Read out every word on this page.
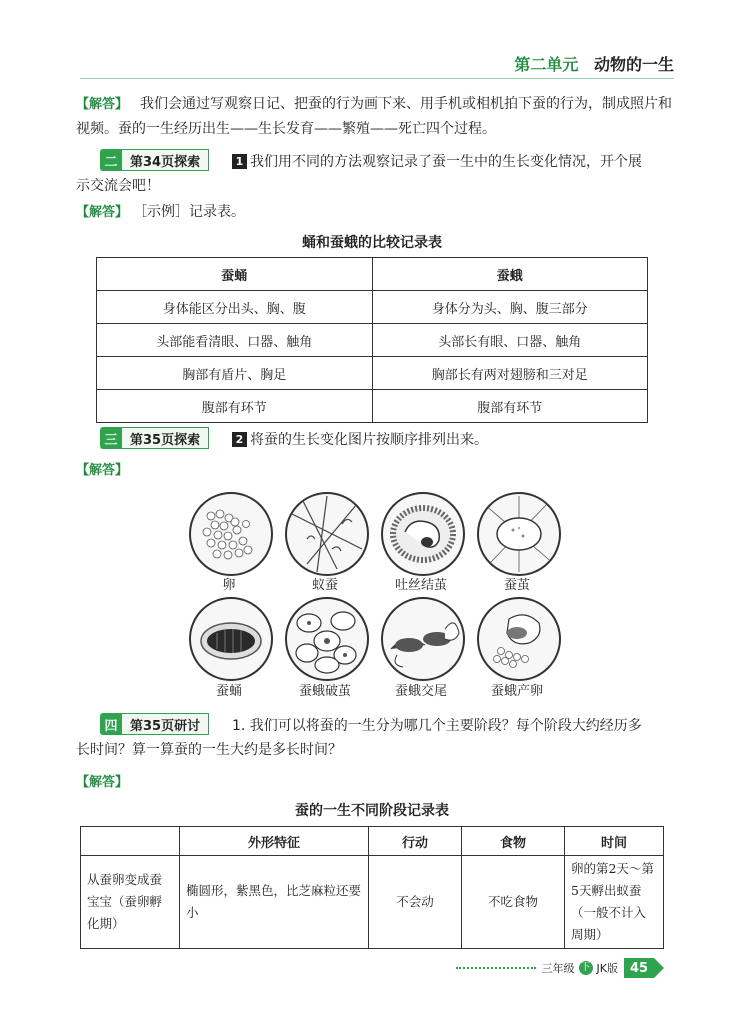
第二单元 动物的一生
【解答】 我们会通过写观察日记、把蚕的行为画下来、用手机或相机拍下蚕的行为，制成照片和视频。蚕的一生经历出生——生长发育——繁殖——死亡四个过程。
二 第34页探索	1 我们用不同的方法观察记录了蚕一生中的生长变化情况，开个展
示交流会吧！
【解答】 ［示例］记录表。
蛹和蚕蛾的比较记录表
蚕蛹	蚕蛾
身体能区分出头、胸、腹	身体分为头、胸、腹三部分
头部能看清眼、口器、触角	头部长有眼、口器、触角
胸部有盾片、胸足	胸部长有两对翅膀和三对足
腹部有环节	腹部有环节
三 第35页探索	2 将蚕的生长变化图片按顺序排列出来。
【解答】
卵	蚁蚕	吐丝结茧	蚕茧
蚕蛹	蚕蛾破茧	蚕蛾交尾	蚕蛾产卵
四 第35页研讨	1. 我们可以将蚕的一生分为哪几个主要阶段？每个阶段大约经历多
长时间？算一算蚕的一生大约是多长时间？
【解答】
蚕的一生不同阶段记录表
	外形特征	行动	食物	时间
从蚕卵变成蚕宝宝（蚕卵孵化期）	椭圆形，紫黑色，比芝麻粒还要小	不会动	不吃食物	卵的第2天～第5天孵出蚁蚕（一般不计入周期）
三年级 下 JK版 45
